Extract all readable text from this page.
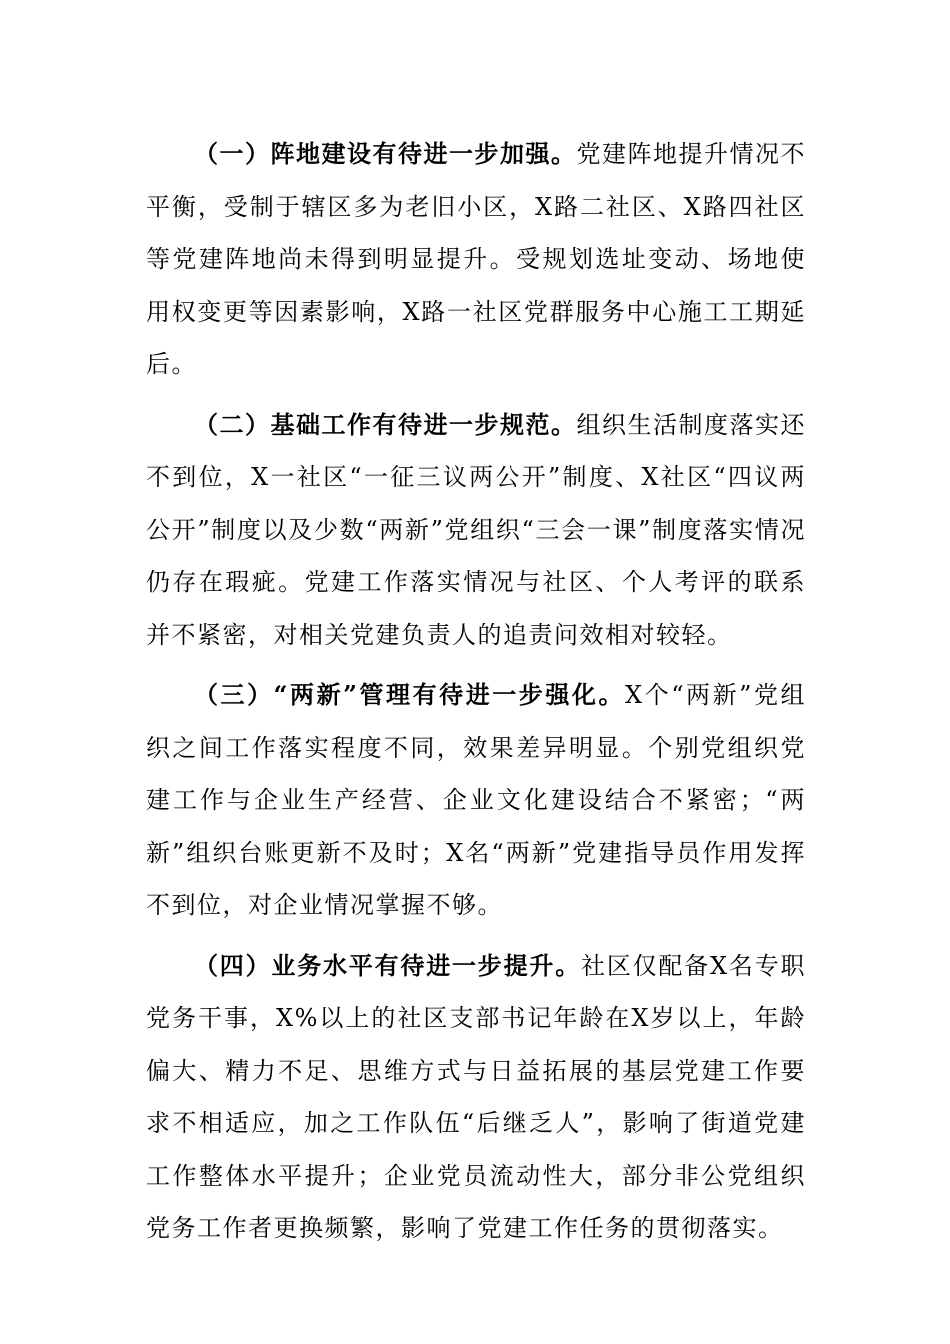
（一）阵地建设有待进一步加强。党建阵地提升情况不平衡，受制于辖区多为老旧小区，X路二社区、X路四社区等党建阵地尚未得到明显提升。受规划选址变动、场地使用权变更等因素影响，X路一社区党群服务中心施工工期延后。

（二）基础工作有待进一步规范。组织生活制度落实还不到位，X一社区“一征三议两公开”制度、X社区“四议两公开”制度以及少数“两新”党组织“三会一课”制度落实情况仍存在瑕疵。党建工作落实情况与社区、个人考评的联系并不紧密，对相关党建负责人的追责问效相对较轻。

（三）“两新”管理有待进一步强化。X个“两新”党组织之间工作落实程度不同，效果差异明显。个别党组织党建工作与企业生产经营、企业文化建设结合不紧密；“两新”组织台账更新不及时；X名“两新”党建指导员作用发挥不到位，对企业情况掌握不够。

（四）业务水平有待进一步提升。社区仅配备X名专职党务干事，X%以上的社区支部书记年龄在X岁以上，年龄偏大、精力不足、思维方式与日益拓展的基层党建工作要求不相适应，加之工作队伍“后继乏人”，影响了街道党建工作整体水平提升；企业党员流动性大，部分非公党组织党务工作者更换频繁，影响了党建工作任务的贯彻落实。
